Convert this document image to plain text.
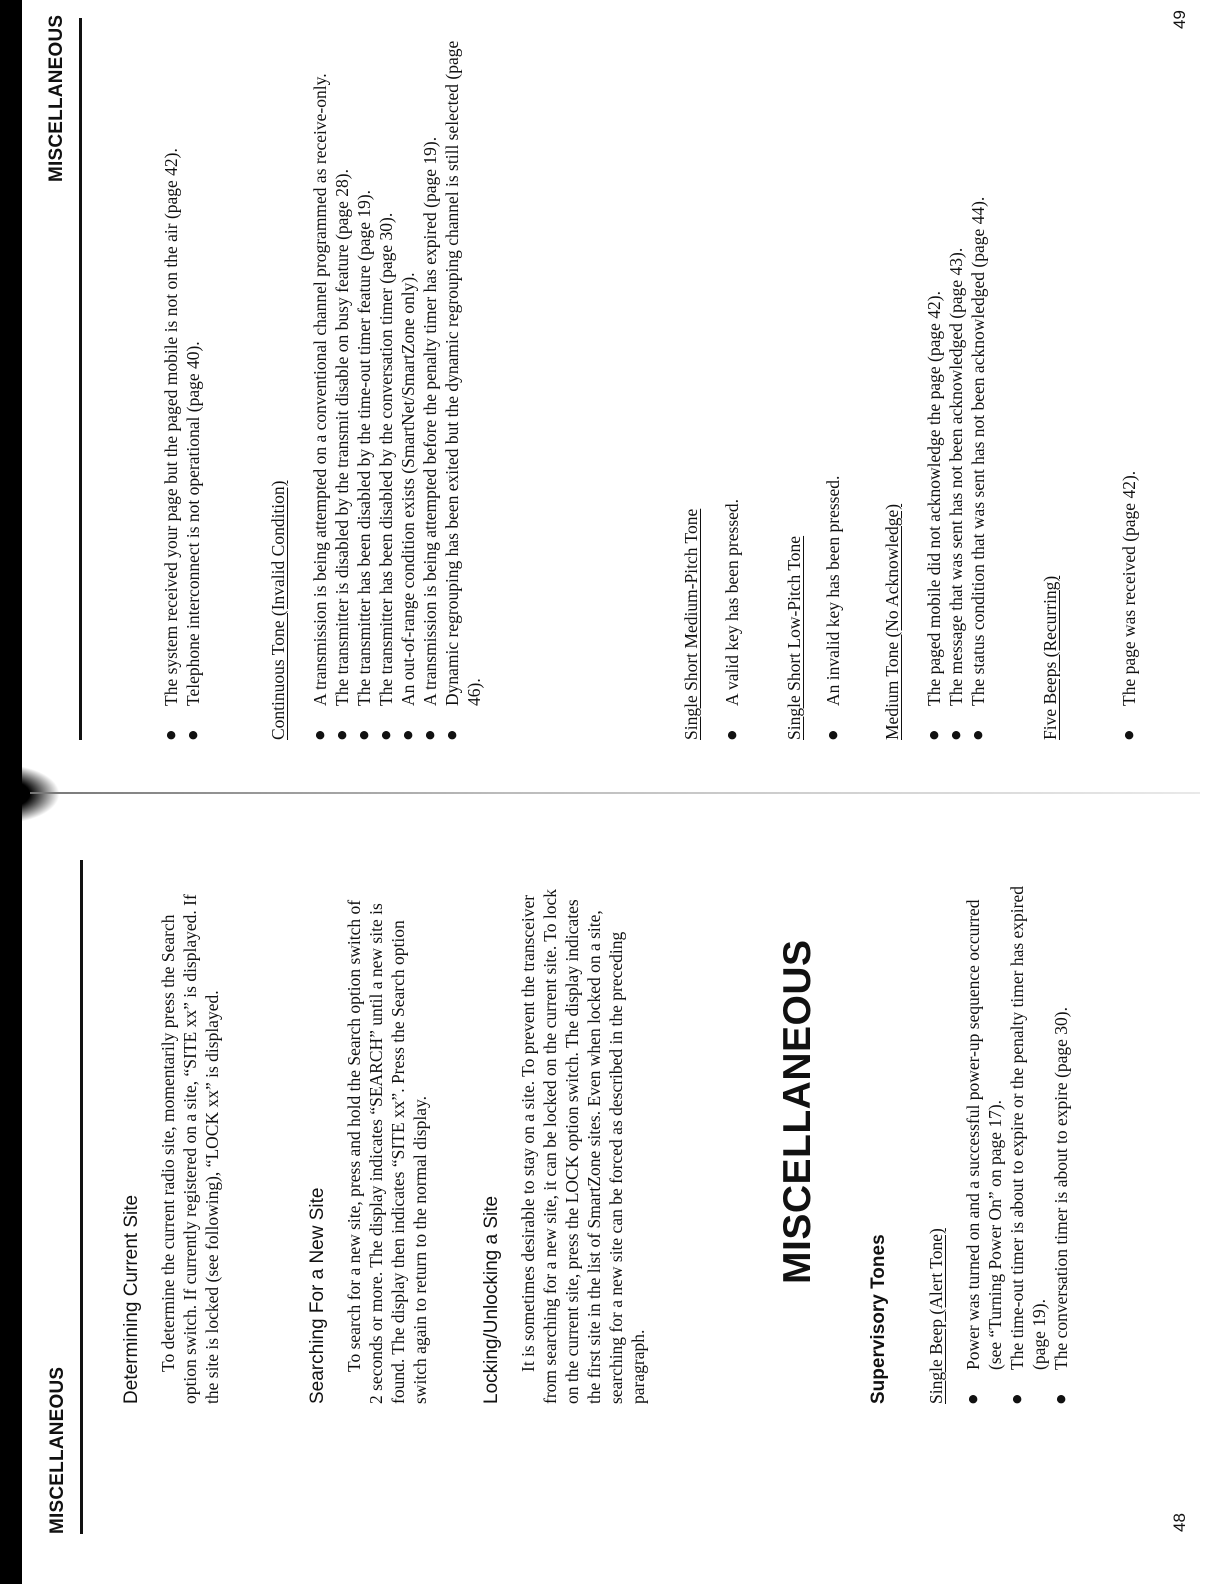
MISCELLANEOUS
Determining Current Site To determine the current radio site, momentarily press the Search option switch. If currently registered on a site, “SITE xx” is displayed. If the site is locked (see following), “LOCK xx” is displayed.	Searching For a New Site To search for a new site, press and hold the Search option switch of 2 seconds or more. The display indicates “SEARCH” until a new site is found. The display then indicates “SITE xx”. Press the Search option switch again to return to the normal display.	Locking/Unlocking a Site It is sometimes desirable to stay on a site. To prevent the transceiver from searching for a new site, it can be locked on the current site. To lock on the current site, press the LOCK option switch. The display indicates the first site in the list of SmartZone sites. Even when locked on a site, searching for a new site can be forced as described in the preceding paragraph.

MISCELLANEOUS
Supervisory Tones Single Beep (Alert Tone) ● Power was turned on and a successful power-up sequence occurred (see “Turning Power On” on page 17). ● The time-out timer is about to expire or the penalty timer has expired (page 19). ● The conversation timer is about to expire (page 30).
48
MISCELLANEOUS
● The system received your page but the paged mobile is not on the air (page 42). ● Telephone interconnect is not operational (page 40).	Continuous Tone (Invalid Condition) ● A transmission is being attempted on a conventional channel programmed as receive-only. ● The transmitter is disabled by the transmit disable on busy feature (page 28). ● The transmitter has been disabled by the time-out timer feature (page 19). ● The transmitter has been disabled by the conversation timer (page 30). ● An out-of-range condition exists (SmartNet/SmartZone only). ● A transmission is being attempted before the penalty timer has expired (page 19). ● Dynamic regrouping has been exited but the dynamic regrouping channel is still selected (page 46).	Single Short Medium-Pitch Tone ● A valid key has been pressed. Single Short Low-Pitch Tone ● An invalid key has been pressed. Medium Tone (No Acknowledge) ● The paged mobile did not acknowledge the page (page 42). ● The message that was sent has not been acknowledged (page 43). ● The status condition that was sent has not been acknowledged (page 44).	Five Beeps (Recurring)	● The page was received (page 42).
49
